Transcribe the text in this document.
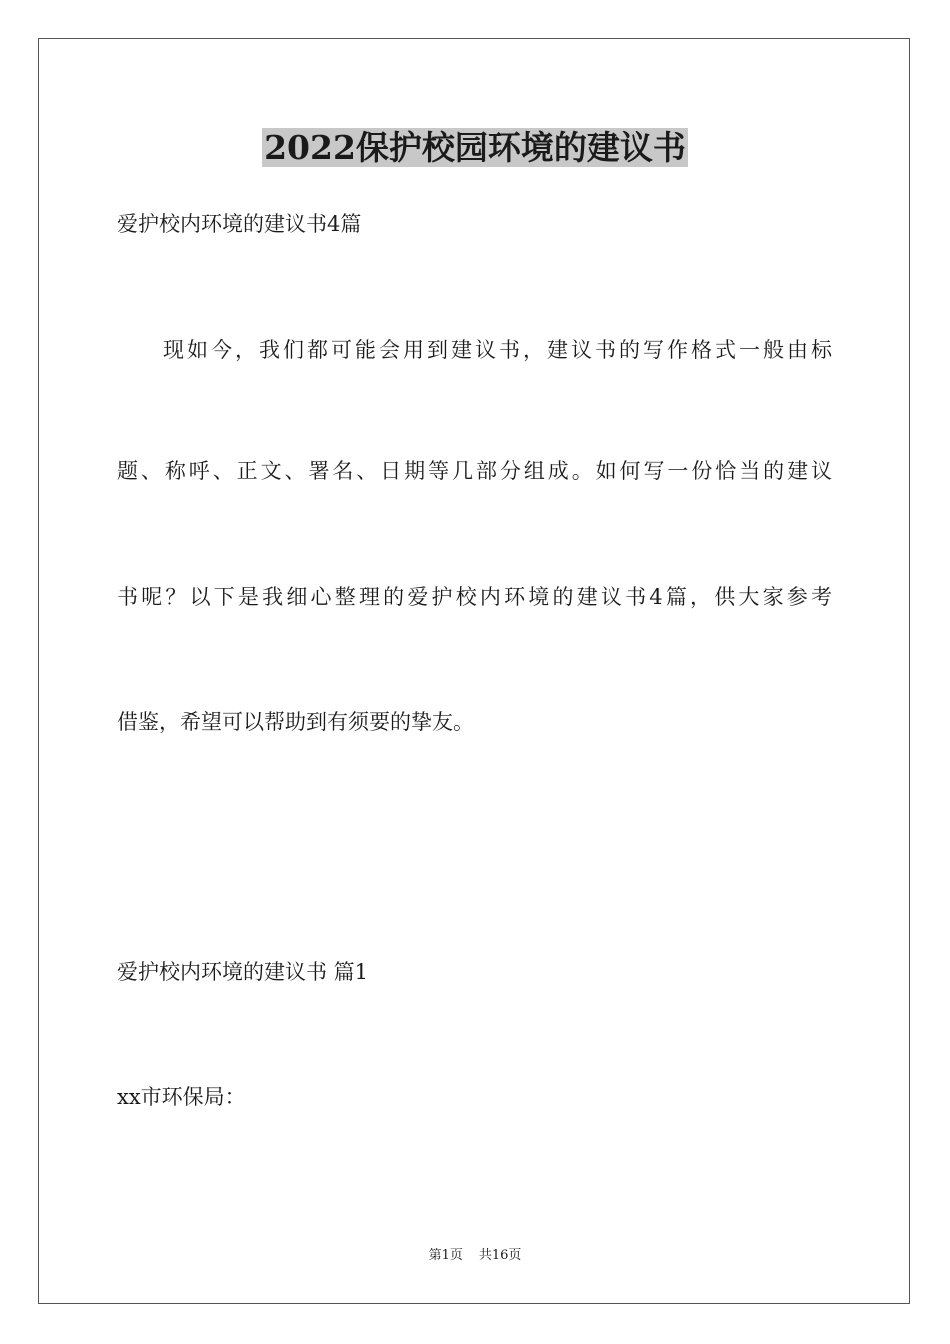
2022保护校园环境的建议书
爱护校内环境的建议书4篇
现如今，我们都可能会用到建议书，建议书的写作格式一般由标
题、称呼、正文、署名、日期等几部分组成。如何写一份恰当的建议
书呢？以下是我细心整理的爱护校内环境的建议书4篇，供大家参考
借鉴，希望可以帮助到有须要的挚友。
爱护校内环境的建议书 篇1
xx市环保局：
第1页 共16页
